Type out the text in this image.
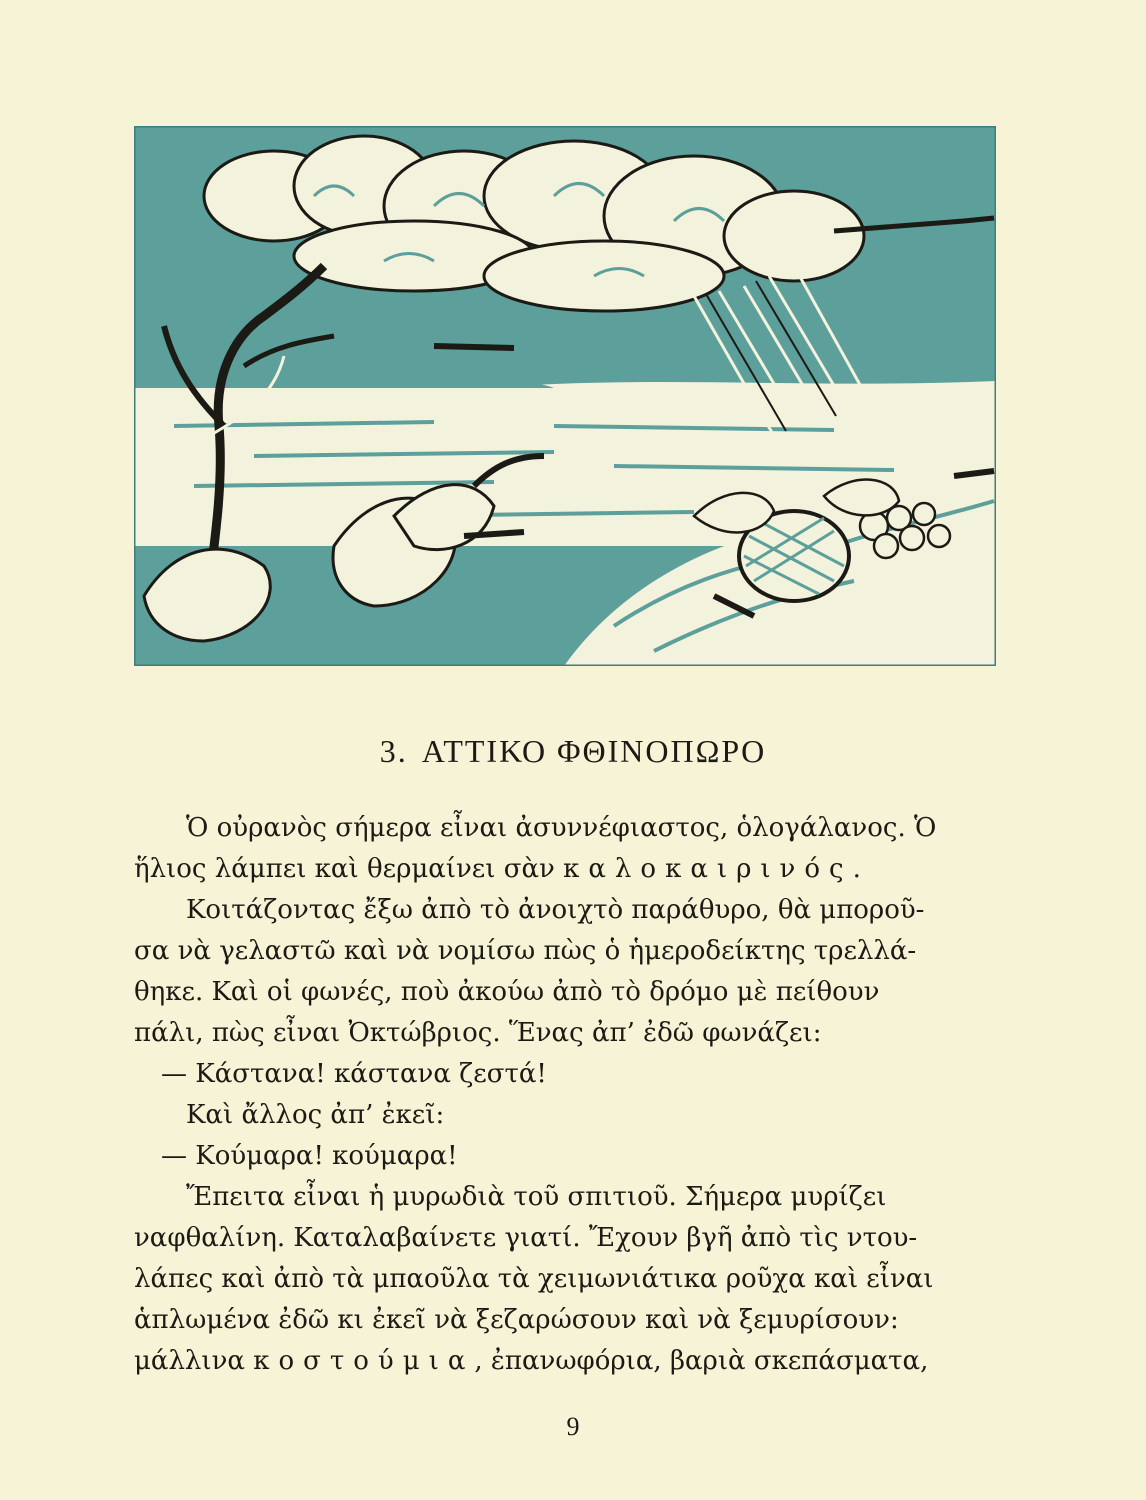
3. ΑΤΤΙΚΟ ΦΘΙΝΟΠΩΡΟ

Ὁ οὐρανὸς σήμερα εἶναι ἀσυννέφιαστος, ὁλογάλανος. Ὁ
ἥλιος λάμπει καὶ θερμαίνει σὰν καλοκαιρινός.

Κοιτάζοντας ἔξω ἀπὸ τὸ ἀνοιχτὸ παράθυρο, θὰ μποροῦ-
σα νὰ γελαστῶ καὶ νὰ νομίσω πὼς ὁ ἡμεροδείκτης τρελλά-
θηκε. Καὶ οἱ φωνές, ποὺ ἀκούω ἀπὸ τὸ δρόμο μὲ πείθουν
πάλι, πὼς εἶναι Ὀκτώβριος. Ἕνας ἀπ’ ἐδῶ φωνάζει:

— Κάστανα! κάστανα ζεστά!

Καὶ ἄλλος ἀπ’ ἐκεῖ:

— Κούμαρα! κούμαρα!

Ἔπειτα εἶναι ἡ μυρωδιὰ τοῦ σπιτιοῦ. Σήμερα μυρίζει
ναφθαλίνη. Καταλαβαίνετε γιατί. Ἔχουν βγῆ ἀπὸ τὶς ντου-
λάπες καὶ ἀπὸ τὰ μπαοῦλα τὰ χειμωνιάτικα ροῦχα καὶ εἶναι
ἁπλωμένα ἐδῶ κι ἐκεῖ νὰ ξεζαρώσουν καὶ νὰ ξεμυρίσουν:
μάλλινα κοστούμια, ἐπανωφόρια, βαριὰ σκεπάσματα,

9
